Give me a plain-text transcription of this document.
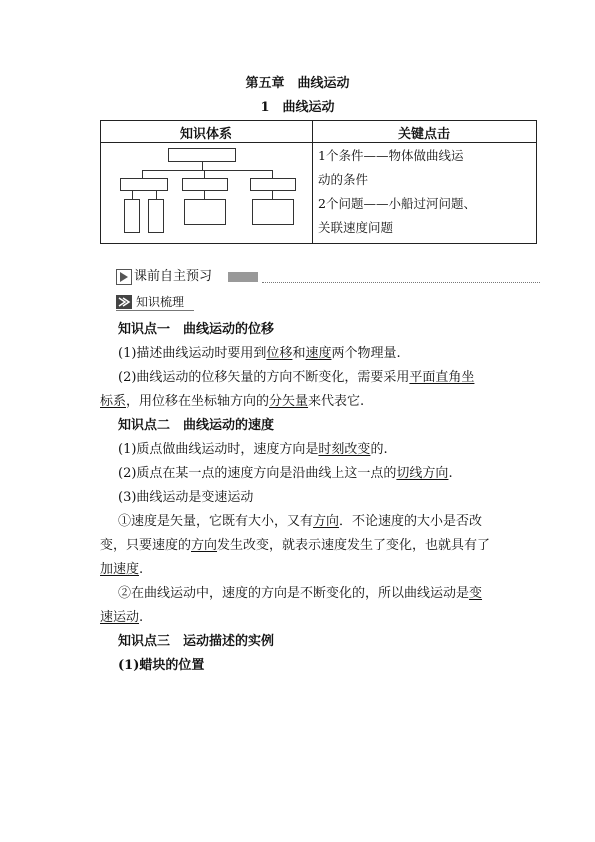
第五章　曲线运动
1　曲线运动
知识体系	关键点击
1个条件——物体做曲线运
动的条件
2个问题——小船过河问题、
关联速度问题
课前自主预习
知识梳理
知识点一　曲线运动的位移
(1)描述曲线运动时要用到位移和速度两个物理量.
(2)曲线运动的位移矢量的方向不断变化，需要采用平面直角坐
标系，用位移在坐标轴方向的分矢量来代表它.
知识点二　曲线运动的速度
(1)质点做曲线运动时，速度方向是时刻改变的.
(2)质点在某一点的速度方向是沿曲线上这一点的切线方向.
(3)曲线运动是变速运动
①速度是矢量，它既有大小，又有方向．不论速度的大小是否改
变，只要速度的方向发生改变，就表示速度发生了变化，也就具有了
加速度.
②在曲线运动中，速度的方向是不断变化的，所以曲线运动是变
速运动.
知识点三　运动描述的实例
(1)蜡块的位置
